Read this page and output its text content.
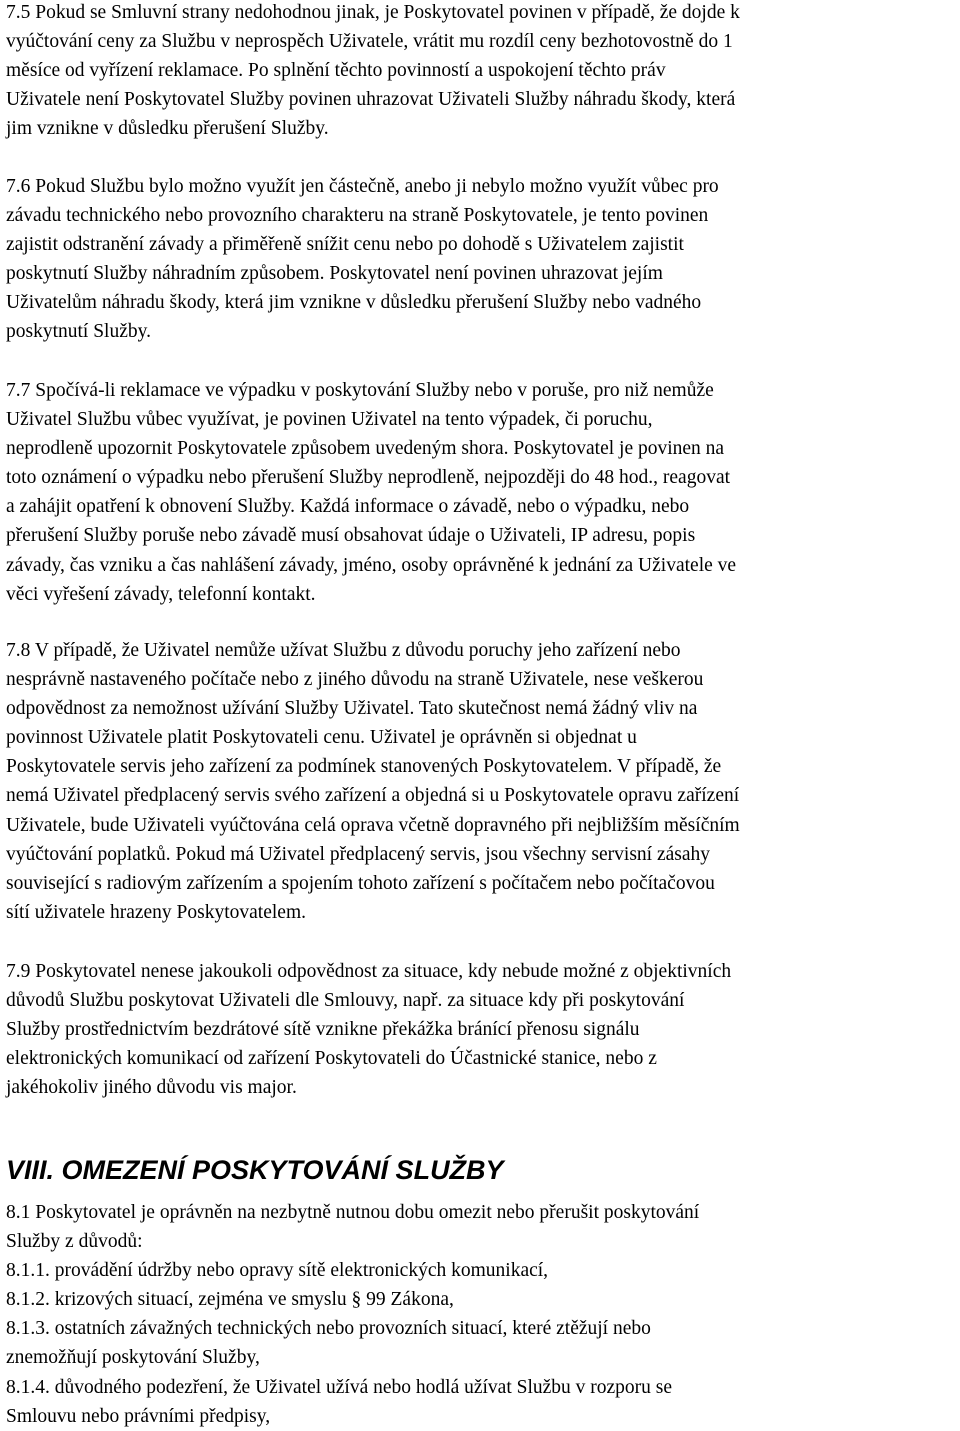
7.5 Pokud se Smluvní strany nedohodnou jinak, je Poskytovatel povinen v případě, že dojde k
vyúčtování ceny za Službu v neprospěch Uživatele, vrátit mu rozdíl ceny bezhotovostně do 1
měsíce od vyřízení reklamace. Po splnění těchto povinností a uspokojení těchto práv
Uživatele není Poskytovatel Služby povinen uhrazovat Uživateli Služby náhradu škody, která
jim vznikne v důsledku přerušení Služby.
7.6 Pokud Službu bylo možno využít jen částečně, anebo ji nebylo možno využít vůbec pro
závadu technického nebo provozního charakteru na straně Poskytovatele, je tento povinen
zajistit odstranění závady a přiměřeně snížit cenu nebo po dohodě s Uživatelem zajistit
poskytnutí Služby náhradním způsobem. Poskytovatel není povinen uhrazovat jejím
Uživatelům náhradu škody, která jim vznikne v důsledku přerušení Služby nebo vadného
poskytnutí Služby.
7.7 Spočívá-li reklamace ve výpadku v poskytování Služby nebo v poruše, pro niž nemůže
Uživatel Službu vůbec využívat, je povinen Uživatel na tento výpadek, či poruchu,
neprodleně upozornit Poskytovatele způsobem uvedeným shora. Poskytovatel je povinen na
toto oznámení o výpadku nebo přerušení Služby neprodleně, nejpozději do 48 hod., reagovat
a zahájit opatření k obnovení Služby. Každá informace o závadě, nebo o výpadku, nebo
přerušení Služby poruše nebo závadě musí obsahovat údaje o Uživateli, IP adresu, popis
závady, čas vzniku a čas nahlášení závady, jméno, osoby oprávněné k jednání za Uživatele ve
věci vyřešení závady, telefonní kontakt.
7.8 V případě, že Uživatel nemůže užívat Službu z důvodu poruchy jeho zařízení nebo
nesprávně nastaveného počítače nebo z jiného důvodu na straně Uživatele, nese veškerou
odpovědnost za nemožnost užívání Služby Uživatel. Tato skutečnost nemá žádný vliv na
povinnost Uživatele platit Poskytovateli cenu. Uživatel je oprávněn si objednat u
Poskytovatele servis jeho zařízení za podmínek stanovených Poskytovatelem. V případě, že
nemá Uživatel předplacený servis svého zařízení a objedná si u Poskytovatele opravu zařízení
Uživatele, bude Uživateli vyúčtována celá oprava včetně dopravného při nejbližším měsíčním
vyúčtování poplatků. Pokud má Uživatel předplacený servis, jsou všechny servisní zásahy
související s radiovým zařízením a spojením tohoto zařízení s počítačem nebo počítačovou
sítí uživatele hrazeny Poskytovatelem.
7.9 Poskytovatel nenese jakoukoli odpovědnost za situace, kdy nebude možné z objektivních
důvodů Službu poskytovat Uživateli dle Smlouvy, např. za situace kdy při poskytování
Služby prostřednictvím bezdrátové sítě vznikne překážka bránící přenosu signálu
elektronických komunikací od zařízení Poskytovateli do Účastnické stanice, nebo z
jakéhokoliv jiného důvodu vis major.
VIII. OMEZENÍ POSKYTOVÁNÍ SLUŽBY
8.1 Poskytovatel je oprávněn na nezbytně nutnou dobu omezit nebo přerušit poskytování
Služby z důvodů:
8.1.1. provádění údržby nebo opravy sítě elektronických komunikací,
8.1.2. krizových situací, zejména ve smyslu § 99 Zákona,
8.1.3. ostatních závažných technických nebo provozních situací, které ztěžují nebo
znemožňují poskytování Služby,
8.1.4. důvodného podezření, že Uživatel užívá nebo hodlá užívat Službu v rozporu se
Smlouvu nebo právními předpisy,
